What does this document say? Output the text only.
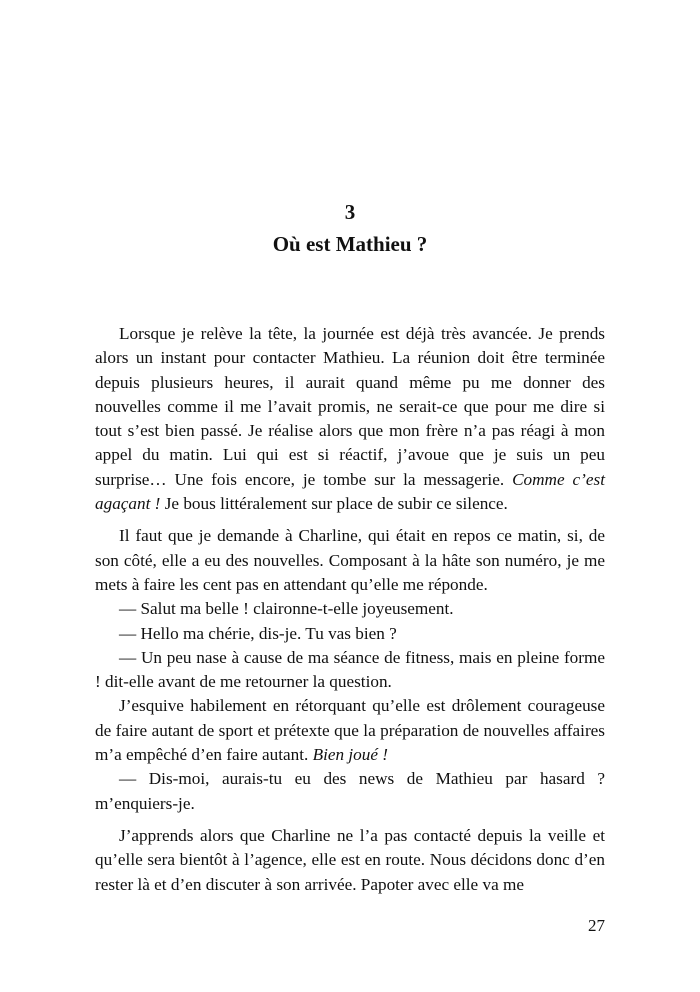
3
Où est Mathieu ?

Lorsque je relève la tête, la journée est déjà très avancée. Je prends alors un instant pour contacter Mathieu. La réunion doit être terminée depuis plusieurs heures, il aurait quand même pu me donner des nouvelles comme il me l’avait promis, ne serait-ce que pour me dire si tout s’est bien passé. Je réalise alors que mon frère n’a pas réagi à mon appel du matin. Lui qui est si réactif, j’avoue que je suis un peu surprise… Une fois encore, je tombe sur la messagerie. Comme c’est agaçant ! Je bous littéralement sur place de subir ce silence.

Il faut que je demande à Charline, qui était en repos ce matin, si, de son côté, elle a eu des nouvelles. Composant à la hâte son numéro, je me mets à faire les cent pas en attendant qu’elle me réponde.

— Salut ma belle ! claironne-t-elle joyeusement.

— Hello ma chérie, dis-je. Tu vas bien ?

— Un peu nase à cause de ma séance de fitness, mais en pleine forme ! dit-elle avant de me retourner la question.

J’esquive habilement en rétorquant qu’elle est drôlement courageuse de faire autant de sport et prétexte que la préparation de nouvelles affaires m’a empêché d’en faire autant. Bien joué !

— Dis-moi, aurais-tu eu des news de Mathieu par hasard ? m’enquiers-je.

J’apprends alors que Charline ne l’a pas contacté depuis la veille et qu’elle sera bientôt à l’agence, elle est en route. Nous décidons donc d’en rester là et d’en discuter à son arrivée. Papoter avec elle va me

27
